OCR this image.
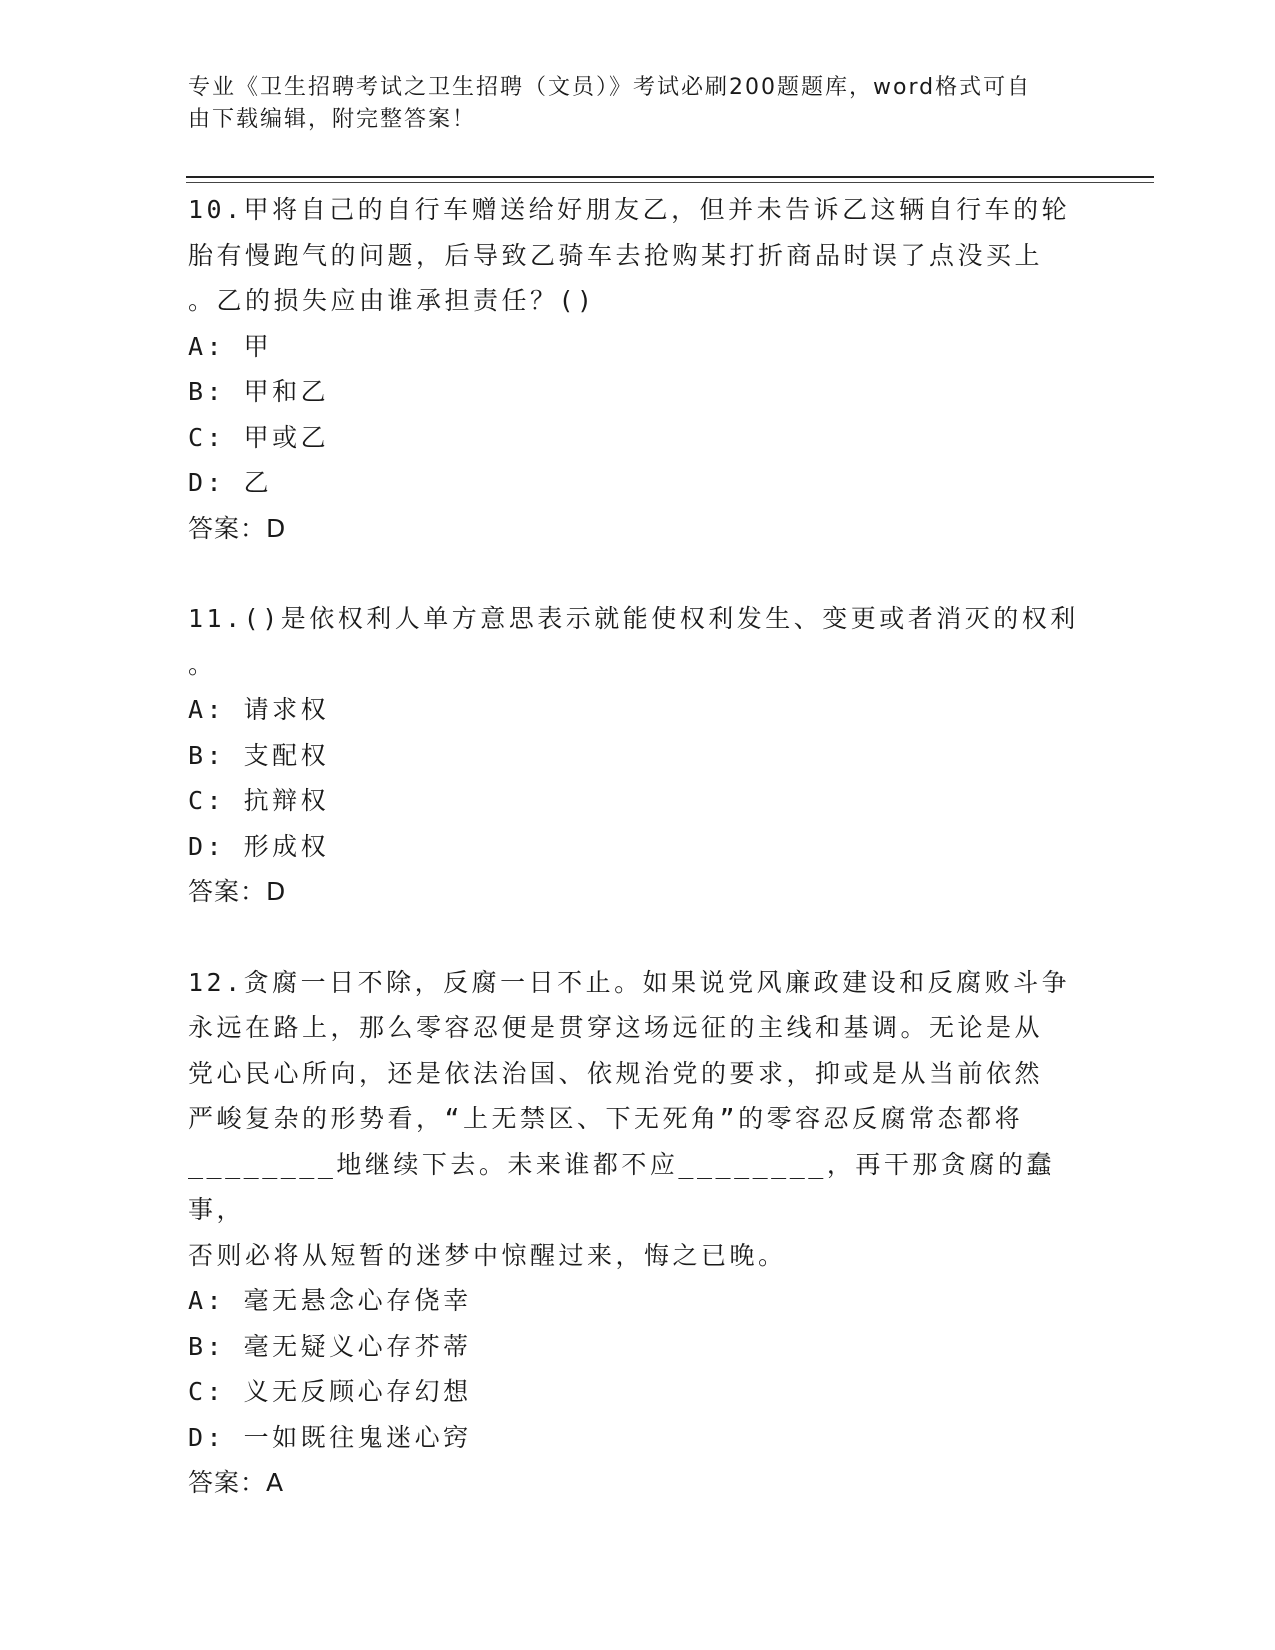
专业《卫生招聘考试之卫生招聘（文员）》考试必刷200题题库，word格式可自
由下载编辑，附完整答案！
10.甲将自己的自行车赠送给好朋友乙，但并未告诉乙这辆自行车的轮
胎有慢跑气的问题，后导致乙骑车去抢购某打折商品时误了点没买上
。乙的损失应由谁承担责任？()
A: 甲
B: 甲和乙
C: 甲或乙
D: 乙
答案：D
11.()是依权利人单方意思表示就能使权利发生、变更或者消灭的权利
。
A: 请求权
B: 支配权
C: 抗辩权
D: 形成权
答案：D
12.贪腐一日不除，反腐一日不止。如果说党风廉政建设和反腐败斗争
永远在路上，那么零容忍便是贯穿这场远征的主线和基调。无论是从
党心民心所向，还是依法治国、依规治党的要求，抑或是从当前依然
严峻复杂的形势看，“上无禁区、下无死角”的零容忍反腐常态都将
________地继续下去。未来谁都不应________，再干那贪腐的蠢事，
否则必将从短暂的迷梦中惊醒过来，悔之已晚。
A: 毫无悬念心存侥幸
B: 毫无疑义心存芥蒂
C: 义无反顾心存幻想
D: 一如既往鬼迷心窍
答案：A
